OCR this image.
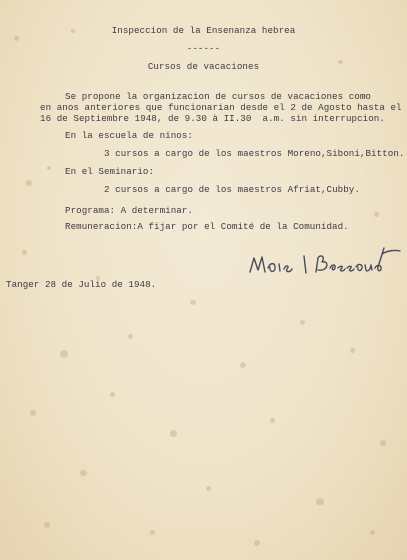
Inspeccion de la Ensenanza hebrea
------
Cursos de vacaciones
Se propone la organizacion de cursos de vacaciones como
en anos anteriores que funcionarian desde el 2 de Agosto hasta el
16 de Septiembre 1948, de 9.30 à II.30  a.m. sin interrupcion.
En la escuela de ninos:
3 cursos a cargo de los maestros Moreno,Siboni,Bitton.
En el Seminario:
2 cursos a cargo de los maestros Afriat,Cubby.
Programa: A determinar.
Remuneracion:A fijar por el Comité de la Comunidad.
Tanger 28 de Julio de 1948.
